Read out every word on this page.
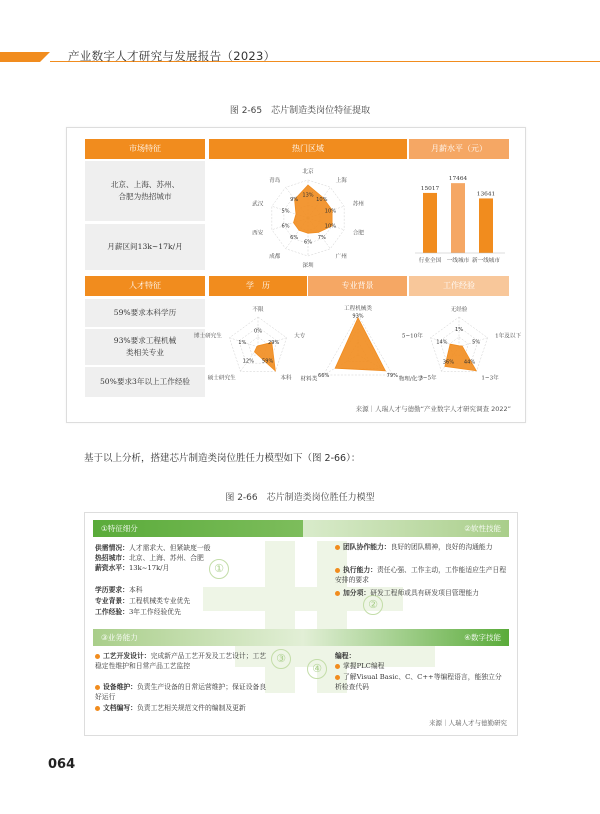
产业数字人才研究与发展报告（2023）
图 2-65　芯片制造类岗位特征提取
市场特征	热门区域	月薪水平（元）
北京、上海、苏州、合肥为热招城市
月薪区间13k~17k/月
北京
13%
上海
10%
苏州
10%
合肥
10%
广州
7%
深圳
6%
成都
6%
西安
6%
武汉
5%
青岛
9%
15017
行业全国
17464
一线城市
13641
新一线城市
人才特征	学　历	专业背景	工作经验
59%要求本科学历
93%要求工程机械类相关专业
50%要求3年以上工作经验
不限
0%
大专
29%
本科
59%
硕士研究生
12%
博士研究生
1%
工程机械类
93%
物理/化学
79%
材料类
66%
无经验
1%
1年及以下
5%
1~3年
44%
3~5年
36%
5~10年
14%
来源｜人瑞人才与德勤“产业数字人才研究调查 2022”
基于以上分析，搭建芯片制造类岗位胜任力模型如下（图 2-66）：
图 2-66　芯片制造类岗位胜任力模型
①特征细分	②软性技能
③业务能力	④数字技能
①
②
③
④
供需情况：人才需求大、但紧缺度一般
热招城市：北京、上海、苏州、合肥
薪资水平：13k~17k/月
学历要求：本科
专业背景：工程机械类专业优先
工作经验：3年工作经验优先
团队协作能力：良好的团队精神，良好的沟通能力
执行能力：责任心强、工作主动，工作能适应生产日程安排的要求
加分项：研发工程师或具有研发项目管理能力
工艺开发设计：完成新产品工艺开发及工艺设计；工艺稳定性维护和日常产品工艺监控
设备维护：负责生产设备的日常运营维护；保证设备良好运行
文档编写：负责工艺相关规范文件的编制及更新
编程：
掌握PLC编程
了解Visual Basic、C、C++等编程语言，能独立分析检查代码
来源｜人瑞人才与德勤研究
064
